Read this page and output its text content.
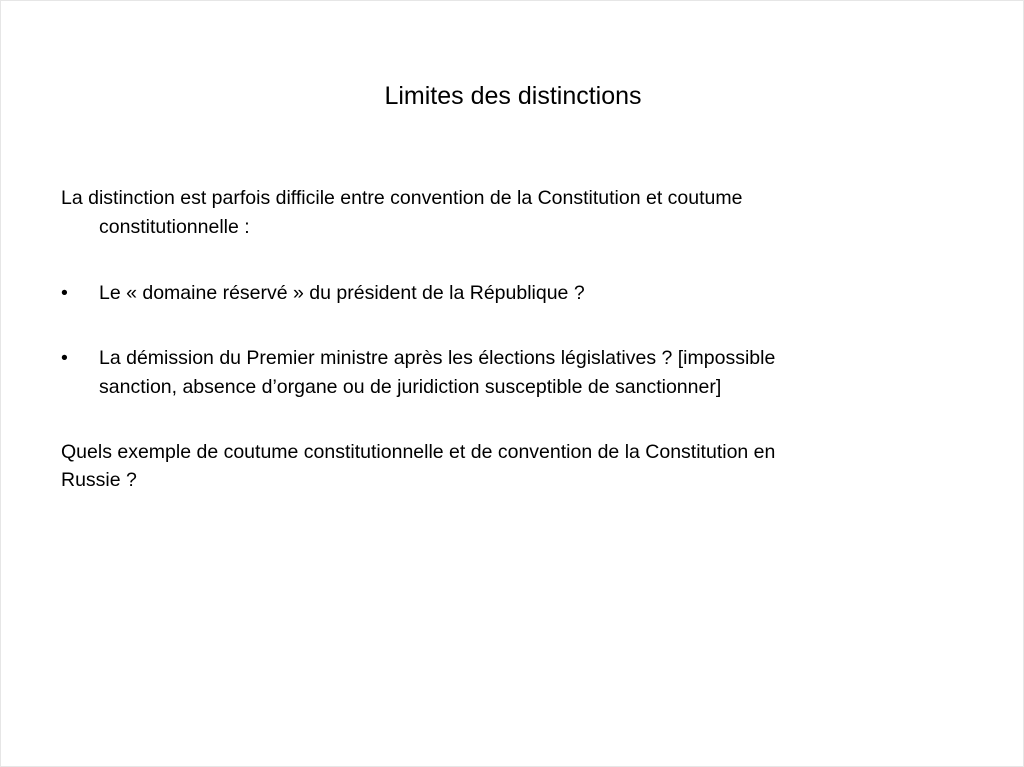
Limites des distinctions
La distinction est parfois difficile entre convention de la Constitution et coutume
constitutionnelle :
• Le « domaine réservé » du président de la République ?
• La démission du Premier ministre après les élections législatives ? [impossible
sanction, absence d’organe ou de juridiction susceptible de sanctionner]
Quels exemple de coutume constitutionnelle et de convention de la Constitution en
Russie ?
